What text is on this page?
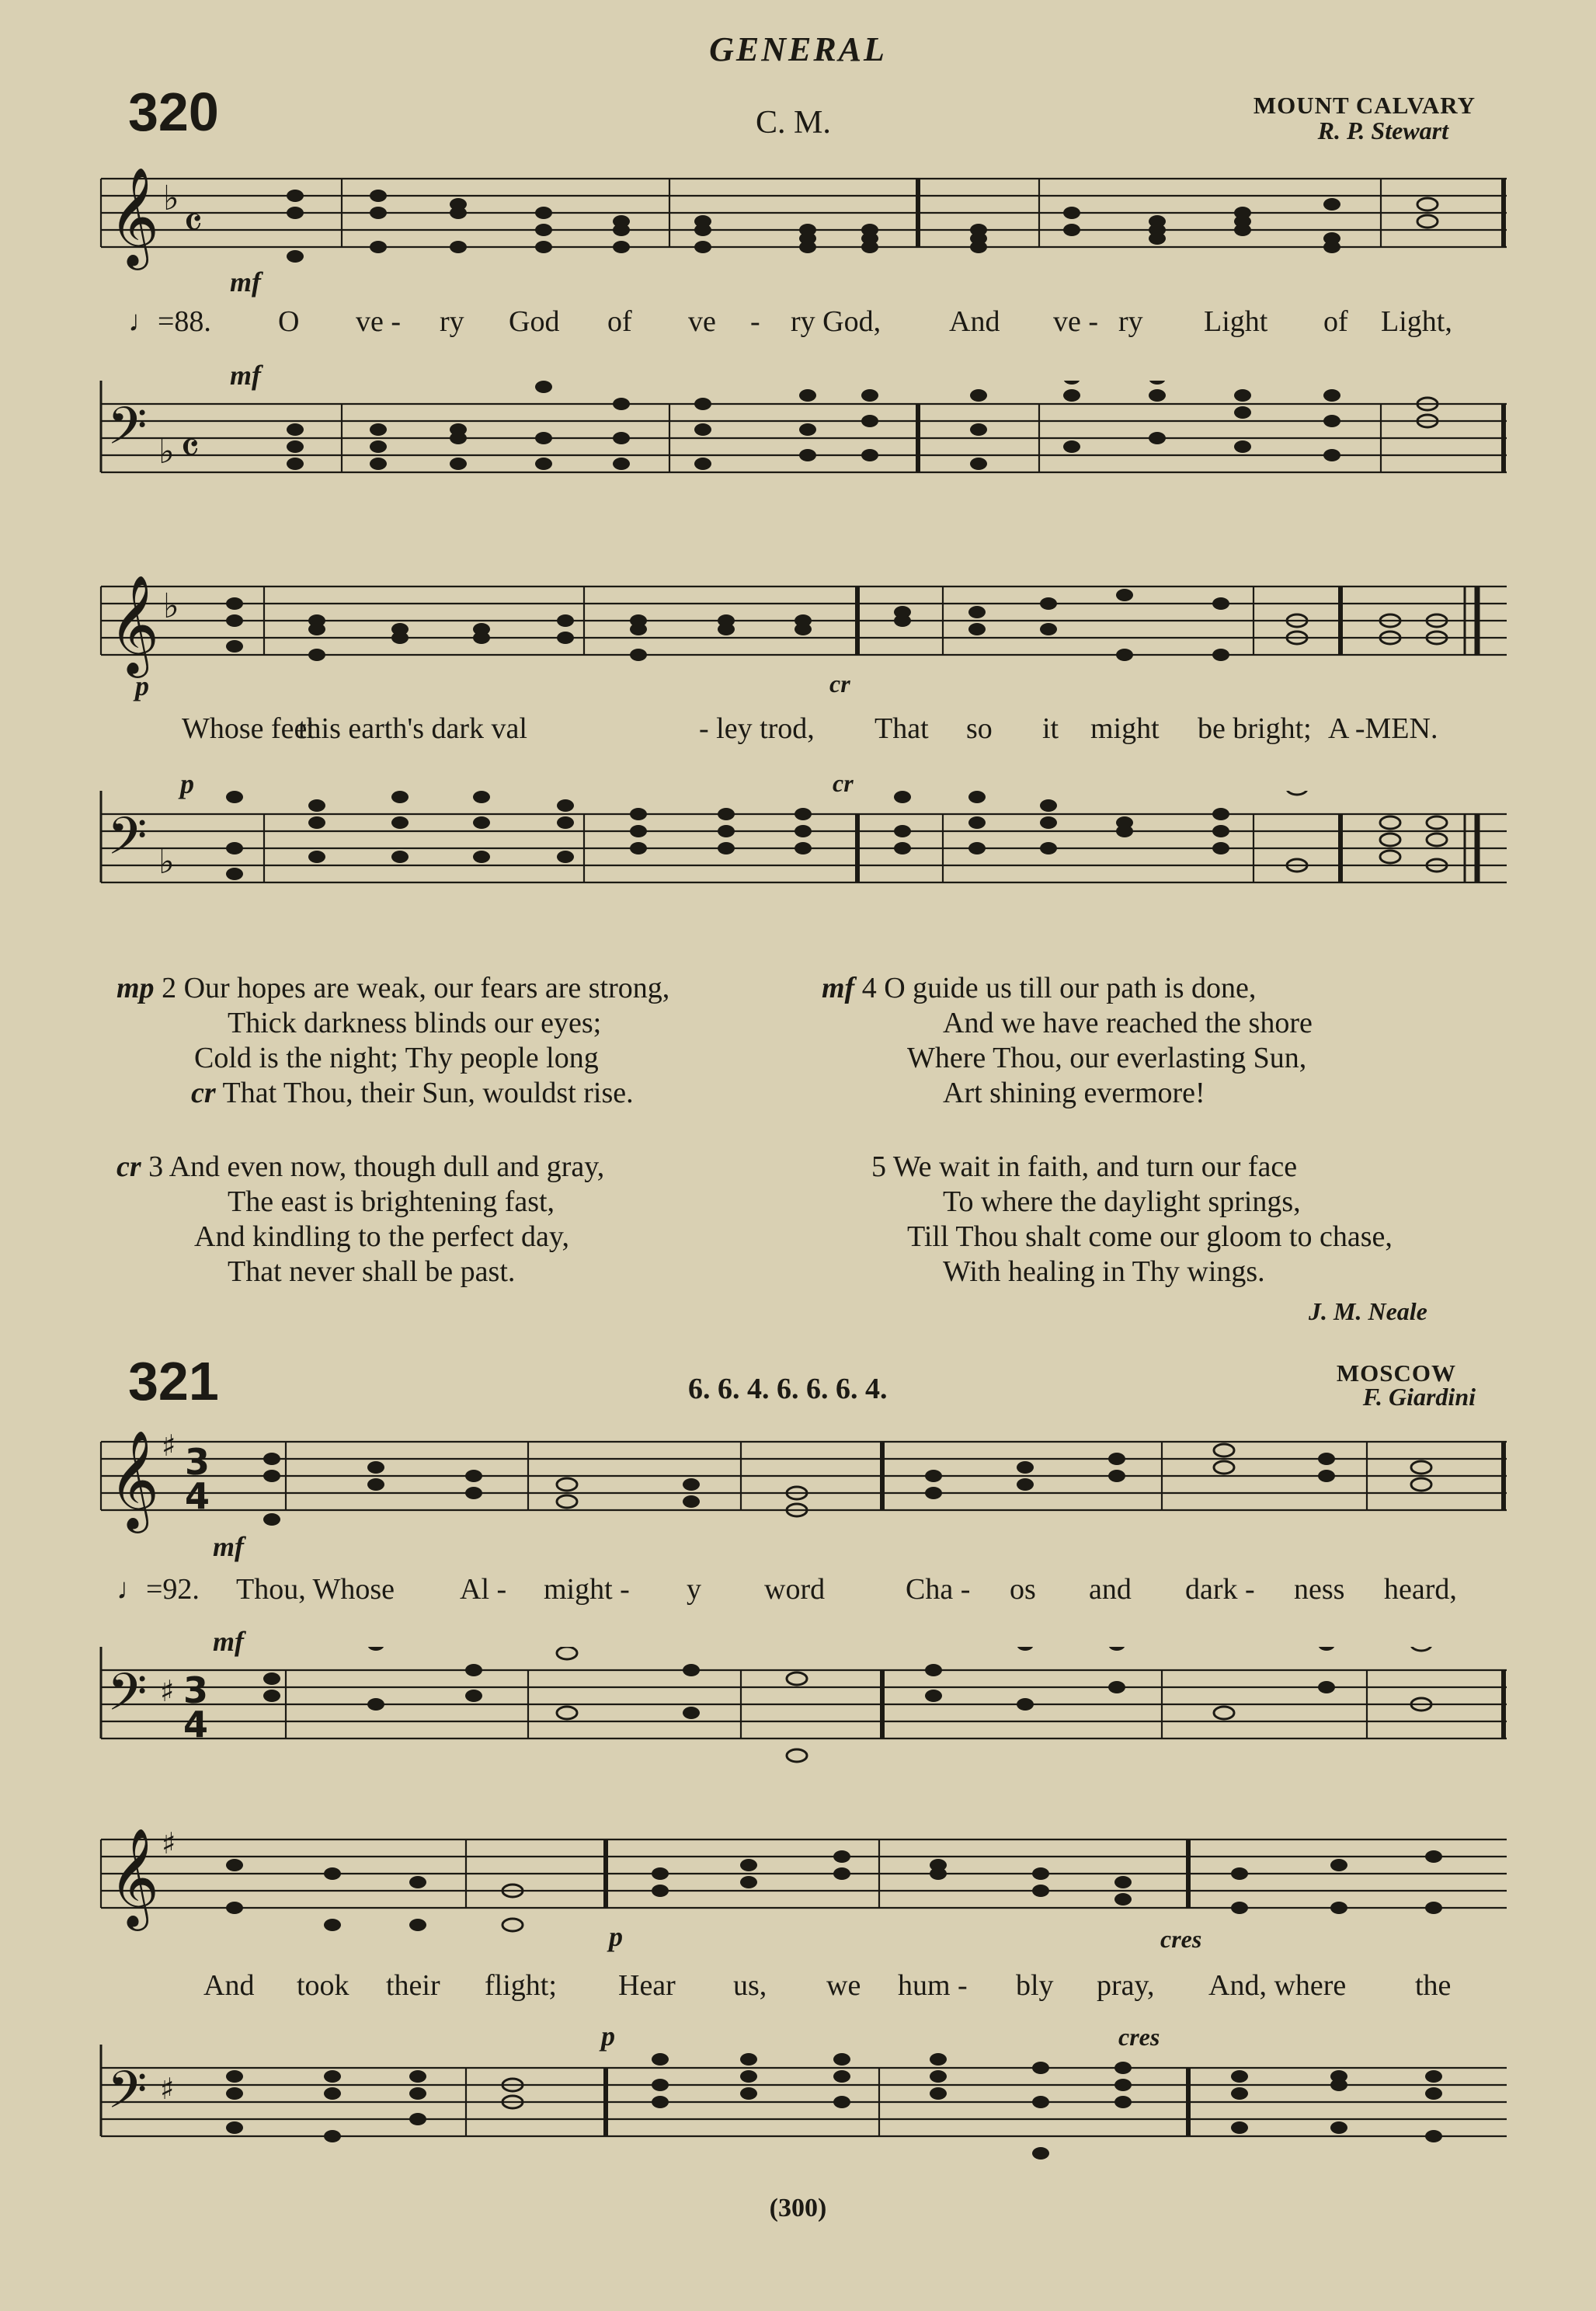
GENERAL
320	C. M.	MOUNT CALVARY
R. P. Stewart
𝄞 ♭ 𝄴
mf
♩=88. O ve - ry God of ve - ry God, And ve - ry Light of Light,
mf
𝄢 ♭ 𝄴
𝄞 ♭
p	cr
Whose feet
this earth's dark val	- ley trod, That so it might be bright; A -MEN.
p	cr
𝄢 ♭
mp 2 Our hopes are weak, our fears are strong,
Thick darkness blinds our eyes;
Cold is the night; Thy people long
cr That Thou, their Sun, wouldst rise.
mf 4 O guide us till our path is done,
And we have reached the shore
Where Thou, our everlasting Sun,
Art shining evermore!
cr 3 And even now, though dull and gray,
The east is brightening fast,
And kindling to the perfect day,
That never shall be past.
5 We wait in faith, and turn our face
To where the daylight springs,
Till Thou shalt come our gloom to chase,
With healing in Thy wings.
J. M. Neale
321	6. 6. 4. 6. 6. 6. 4.	MOSCOW
F. Giardini
𝄞 ♯ 3
4
mf
♩=92. Thou, Whose Al - might - y word	Cha - os and dark - ness heard,
mf
𝄢 ♯ 3
4
𝄞 ♯
p	cres
And took their flight; Hear us, we hum - bly pray, And, where the
p	cres
𝄢 ♯
(300)
